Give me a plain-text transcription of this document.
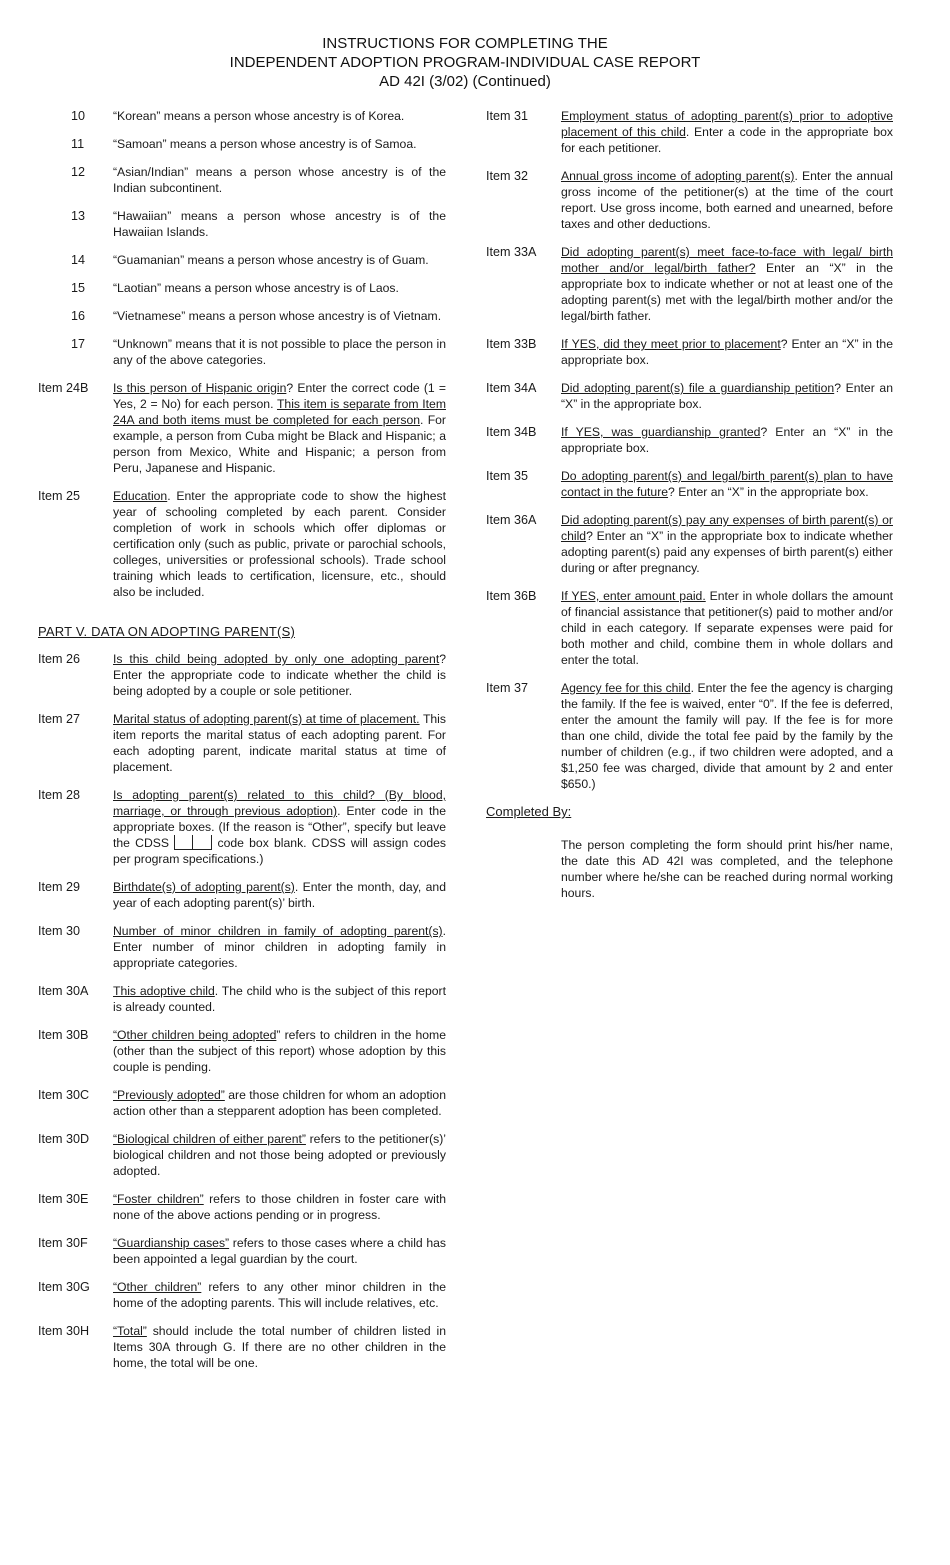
INSTRUCTIONS FOR COMPLETING THE
INDEPENDENT ADOPTION PROGRAM-INDIVIDUAL CASE REPORT
AD 42I (3/02) (Continued)
10	“Korean” means a person whose ancestry is of Korea.
11	“Samoan” means a person whose ancestry is of Samoa.
12	“Asian/Indian” means a person whose ancestry is of the Indian subcontinent.
13	“Hawaiian” means a person whose ancestry is of the Hawaiian Islands.
14	“Guamanian” means a person whose ancestry is of Guam.
15	“Laotian” means a person whose ancestry is of Laos.
16	“Vietnamese” means a person whose ancestry is of Vietnam.
17	“Unknown” means that it is not possible to place the person in any of the above categories.
Item 24B	Is this person of Hispanic origin? Enter the correct code (1 = Yes, 2 = No) for each person. This item is separate from Item 24A and both items must be completed for each person. For example, a person from Cuba might be Black and Hispanic; a person from Mexico, White and Hispanic; a person from Peru, Japanese and Hispanic.
Item 25	Education. Enter the appropriate code to show the highest year of schooling completed by each parent. Consider completion of work in schools which offer diplomas or certification only (such as public, private or parochial schools, colleges, universities or professional schools). Trade school training which leads to certification, licensure, etc., should also be included.
PART V. DATA ON ADOPTING PARENT(S)
Item 26	Is this child being adopted by only one adopting parent? Enter the appropriate code to indicate whether the child is being adopted by a couple or sole petitioner.
Item 27	Marital status of adopting parent(s) at time of placement. This item reports the marital status of each adopting parent. For each adopting parent, indicate marital status at time of placement.
Item 28	Is adopting parent(s) related to this child? (By blood, marriage, or through previous adoption). Enter code in the appropriate boxes. (If the reason is “Other”, specify but leave the CDSS	code box blank. CDSS will assign codes per program specifications.)
Item 29	Birthdate(s) of adopting parent(s). Enter the month, day, and year of each adopting parent(s)’ birth.
Item 30	Number of minor children in family of adopting parent(s). Enter number of minor children in adopting family in appropriate categories.
Item 30A	This adoptive child. The child who is the subject of this report is already counted.
Item 30B	“Other children being adopted” refers to children in the home (other than the subject of this report) whose adoption by this couple is pending.
Item 30C	“Previously adopted” are those children for whom an adoption action other than a stepparent adoption has been completed.
Item 30D	“Biological children of either parent” refers to the petitioner(s)’ biological children and not those being adopted or previously adopted.
Item 30E	“Foster children” refers to those children in foster care with none of the above actions pending or in progress.
Item 30F	“Guardianship cases” refers to those cases where a child has been appointed a legal guardian by the court.
Item 30G	“Other children” refers to any other minor children in the home of the adopting parents. This will include relatives, etc.
Item 30H	“Total” should include the total number of children listed in Items 30A through G. If there are no other children in the home, the total will be one.
Item 31	Employment status of adopting parent(s) prior to adoptive placement of this child. Enter a code in the appropriate box for each petitioner.
Item 32	Annual gross income of adopting parent(s). Enter the annual gross income of the petitioner(s) at the time of the court report. Use gross income, both earned and unearned, before taxes and other deductions.
Item 33A	Did adopting parent(s) meet face-to-face with legal/ birth mother and/or legal/birth father? Enter an “X” in the appropriate box to indicate whether or not at least one of the adopting parent(s) met with the legal/birth mother and/or the legal/birth father.
Item 33B	If YES, did they meet prior to placement? Enter an “X” in the appropriate box.
Item 34A	Did adopting parent(s) file a guardianship petition? Enter an “X” in the appropriate box.
Item 34B	If YES, was guardianship granted? Enter an “X” in the appropriate box.
Item 35	Do adopting parent(s) and legal/birth parent(s) plan to have contact in the future? Enter an “X” in the appropriate box.
Item 36A	Did adopting parent(s) pay any expenses of birth parent(s) or child? Enter an “X” in the appropriate box to indicate whether adopting parent(s) paid any expenses of birth parent(s) either during or after pregnancy.
Item 36B	If YES, enter amount paid. Enter in whole dollars the amount of financial assistance that petitioner(s) paid to mother and/or child in each category. If separate expenses were paid for both mother and child, combine them in whole dollars and enter the total.
Item 37	Agency fee for this child. Enter the fee the agency is charging the family. If the fee is waived, enter “0”. If the fee is deferred, enter the amount the family will pay. If the fee is for more than one child, divide the total fee paid by the family by the number of children (e.g., if two children were adopted, and a $1,250 fee was charged, divide that amount by 2 and enter $650.)
Completed By:
The person completing the form should print his/her name, the date this AD 42I was completed, and the telephone number where he/she can be reached during normal working hours.
